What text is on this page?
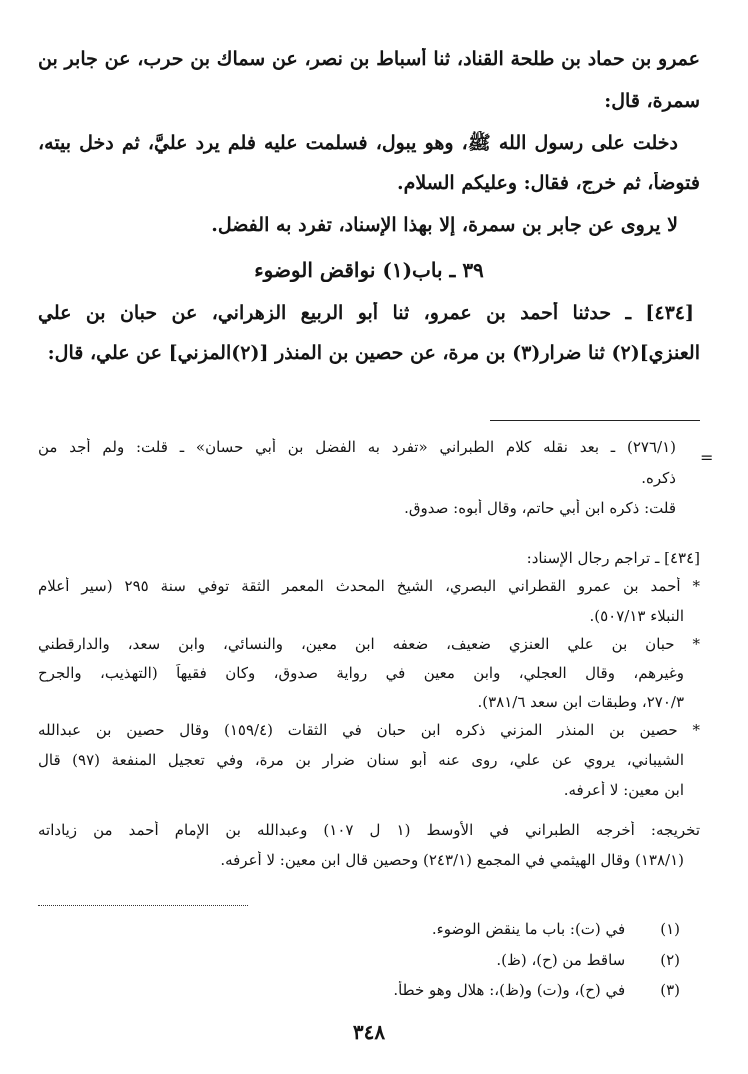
عمرو بن حماد بن طلحة القناد، ثنا أسباط بن نصر، عن سماك بن حرب، عن جابر بن
سمرة، قال:
دخلت على رسول الله ﷺ، وهو يبول، فسلمت عليه فلم يرد عليَّ، ثم دخل بيته،
فتوضأ، ثم خرج، فقال: وعليكم السلام.
لا يروى عن جابر بن سمرة، إلا بهذا الإسناد، تفرد به الفضل.
٣٩ ـ باب(١) نواقض الوضوء
[٤٣٤] ـ حدثنا أحمد بن عمرو، ثنا أبو الربيع الزهراني، عن حبان بن علي
العنزي](٢) ثنا ضرار(٣) بن مرة، عن حصين بن المنذر [(٢)المزني] عن علي، قال:
(٢٧٦/١) ـ بعد نقله كلام الطبراني «تفرد به الفضل بن أبي حسان» ـ قلت: ولم أجد من
ذكره.
قلت: ذكره ابن أبي حاتم، وقال أبوه: صدوق.
[٤٣٤] ـ تراجم رجال الإسناد:
* أحمد بن عمرو القطراني البصري، الشيخ المحدث المعمر الثقة توفي سنة ٢٩٥ (سير أعلام
النبلاء ٥٠٧/١٣).
* حبان بن علي العنزي ضعيف، ضعفه ابن معين، والنسائي، وابن سعد، والدارقطني
وغيرهم، وقال العجلي، وابن معين في رواية صدوق، وكان فقيهاً (التهذيب، والجرح
٢٧٠/٣، وطبقات ابن سعد ٣٨١/٦).
* حصين بن المنذر المزني ذكره ابن حبان في الثقات (١٥٩/٤) وقال حصين بن عبدالله
الشيباني، يروي عن علي، روى عنه أبو سنان ضرار بن مرة، وفي تعجيل المنفعة (٩٧) قال
ابن معين: لا أعرفه.
تخريجه: أخرجه الطبراني في الأوسط (١ ل ١٠٧) وعبدالله بن الإمام أحمد من زياداته
(١٣٨/١) وقال الهيثمي في المجمع (٢٤٣/١) وحصين قال ابن معين: لا أعرفه.
(١) في (ت): باب ما ينقض الوضوء.
(٢) ساقط من (ح)، (ظ).
(٣) في (ح)، و(ت) و(ظ)،: هلال وهو خطأ.
٣٤٨
=
